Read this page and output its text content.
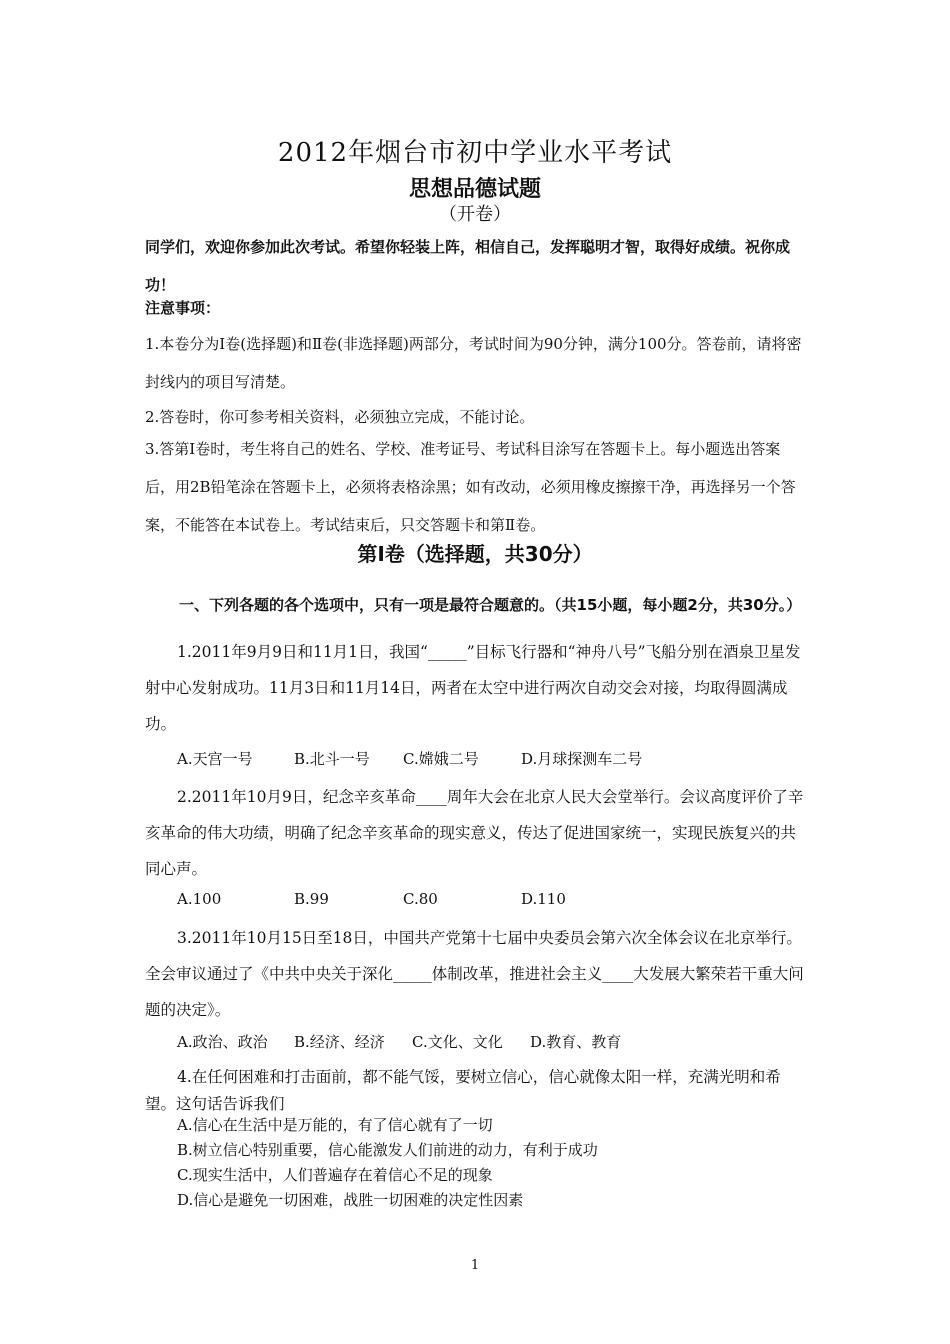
2012年烟台市初中学业水平考试
思想品德试题
（开卷）
同学们，欢迎你参加此次考试。希望你轻装上阵，相信自己，发挥聪明才智，取得好成绩。祝你成功！
注意事项：
1.本卷分为Ⅰ卷(选择题)和Ⅱ卷(非选择题)两部分，考试时间为90分钟，满分100分。答卷前，请将密封线内的项目写清楚。
2.答卷时，你可参考相关资料，必须独立完成，不能讨论。
3.答第Ⅰ卷时，考生将自己的姓名、学校、准考证号、考试科目涂写在答题卡上。每小题选出答案后，用2B铅笔涂在答题卡上，必须将表格涂黑；如有改动，必须用橡皮擦擦干净，再选择另一个答案，不能答在本试卷上。考试结束后，只交答题卡和第Ⅱ卷。
第Ⅰ卷（选择题，共30分）
一、下列各题的各个选项中，只有一项是最符合题意的。（共15小题，每小题2分，共30分。）
1.2011年9月9日和11月1日，我国“_____”目标飞行器和“神舟八号”飞船分别在酒泉卫星发射中心发射成功。11月3日和11月14日，两者在太空中进行两次自动交会对接，均取得圆满成功。
A.天宫一号	B.北斗一号 C.嫦娥二号	D.月球探测车二号
2.2011年10月9日，纪念辛亥革命____周年大会在北京人民大会堂举行。会议高度评价了辛亥革命的伟大功绩，明确了纪念辛亥革命的现实意义，传达了促进国家统一，实现民族复兴的共同心声。
A.100	B.99	C.80	D.110
3.2011年10月15日至18日，中国共产党第十七届中央委员会第六次全体会议在北京举行。全会审议通过了《中共中央关于深化_____体制改革，推进社会主义____大发展大繁荣若干重大问题的决定》。
A.政治、政治 B.经济、经济 C.文化、文化 D.教育、教育
4.在任何困难和打击面前，都不能气馁，要树立信心，信心就像太阳一样，充满光明和希望。这句话告诉我们
A.信心在生活中是万能的，有了信心就有了一切
B.树立信心特别重要，信心能激发人们前进的动力，有利于成功
C.现实生活中，人们普遍存在着信心不足的现象
D.信心是避免一切困难，战胜一切困难的决定性因素
1
